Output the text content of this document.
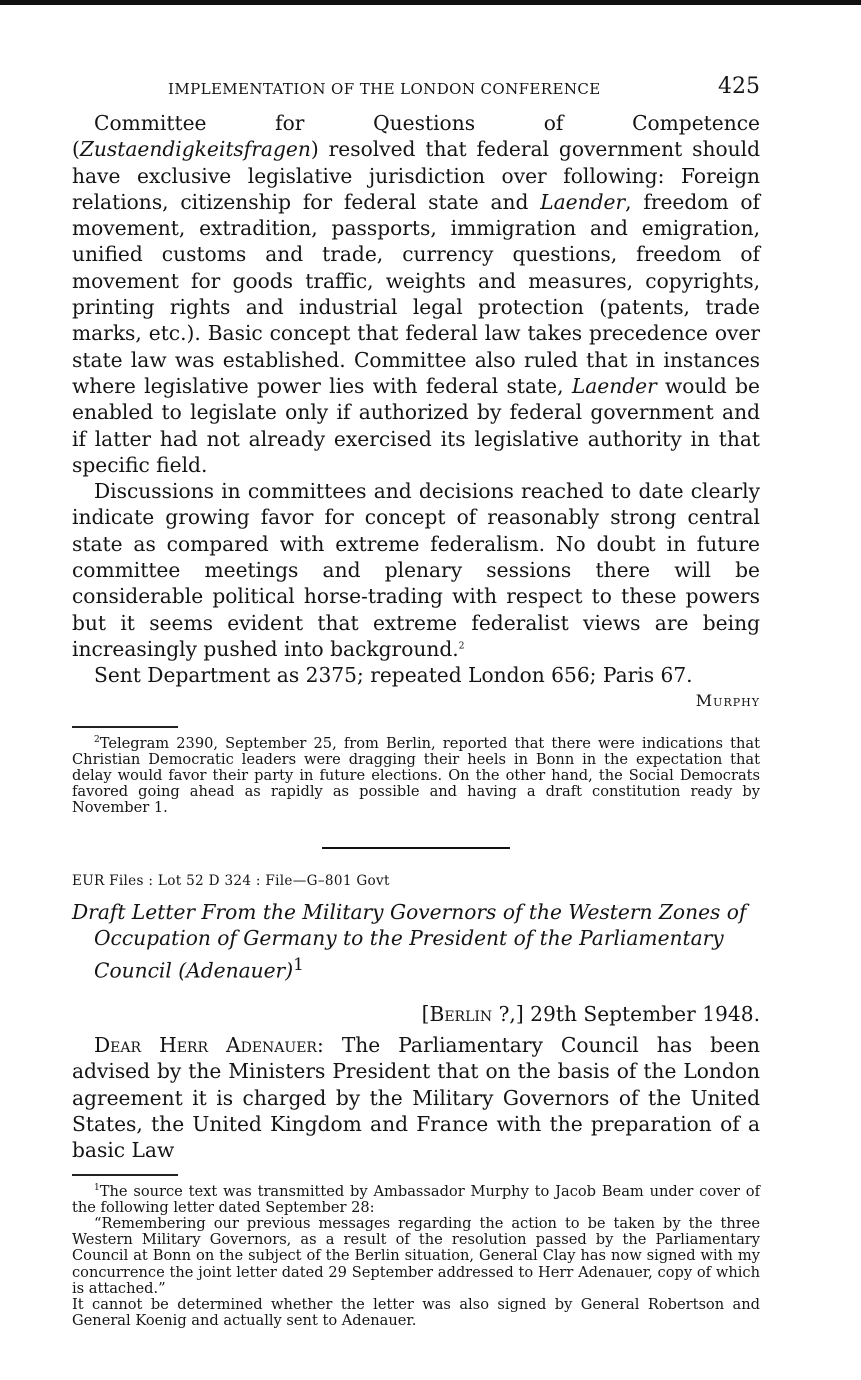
IMPLEMENTATION OF THE LONDON CONFERENCE	425

Committee for Questions of Competence (Zustaendigkeitsfragen) resolved that federal government should have exclusive legislative jurisdiction over following: Foreign relations, citizenship for federal state and Laender, freedom of movement, extradition, passports, immigration and emigration, unified customs and trade, currency questions, freedom of movement for goods traffic, weights and measures, copyrights, printing rights and industrial legal protection (patents, trade marks, etc.). Basic concept that federal law takes precedence over state law was established. Committee also ruled that in instances where legislative power lies with federal state, Laender would be enabled to legislate only if authorized by federal government and if latter had not already exercised its legislative authority in that specific field.

Discussions in committees and decisions reached to date clearly indicate growing favor for concept of reasonably strong central state as compared with extreme federalism. No doubt in future committee meetings and plenary sessions there will be considerable political horse-trading with respect to these powers but it seems evident that extreme federalist views are being increasingly pushed into background.$^2$

Sent Department as 2375; repeated London 656; Paris 67.

Murphy

$^2$Telegram 2390, September 25, from Berlin, reported that there were indications that Christian Democratic leaders were dragging their heels in Bonn in the expectation that delay would favor their party in future elections. On the other hand, the Social Democrats favored going ahead as rapidly as possible and having a draft constitution ready by November 1.

EUR Files : Lot 52 D 324 : File—G–801 Govt

Draft Letter From the Military Governors of the Western Zones of Occupation of Germany to the President of the Parliamentary Council (Adenauer)$^1$

[Berlin ?,] 29th September 1948.

Dear Herr Adenauer: The Parliamentary Council has been advised by the Ministers President that on the basis of the London agreement it is charged by the Military Governors of the United States, the United Kingdom and France with the preparation of a basic Law

$^1$The source text was transmitted by Ambassador Murphy to Jacob Beam under cover of the following letter dated September 28:

“Remembering our previous messages regarding the action to be taken by the three Western Military Governors, as a result of the resolution passed by the Parliamentary Council at Bonn on the subject of the Berlin situation, General Clay has now signed with my concurrence the joint letter dated 29 September addressed to Herr Adenauer, copy of which is attached.”

It cannot be determined whether the letter was also signed by General Robertson and General Koenig and actually sent to Adenauer.
